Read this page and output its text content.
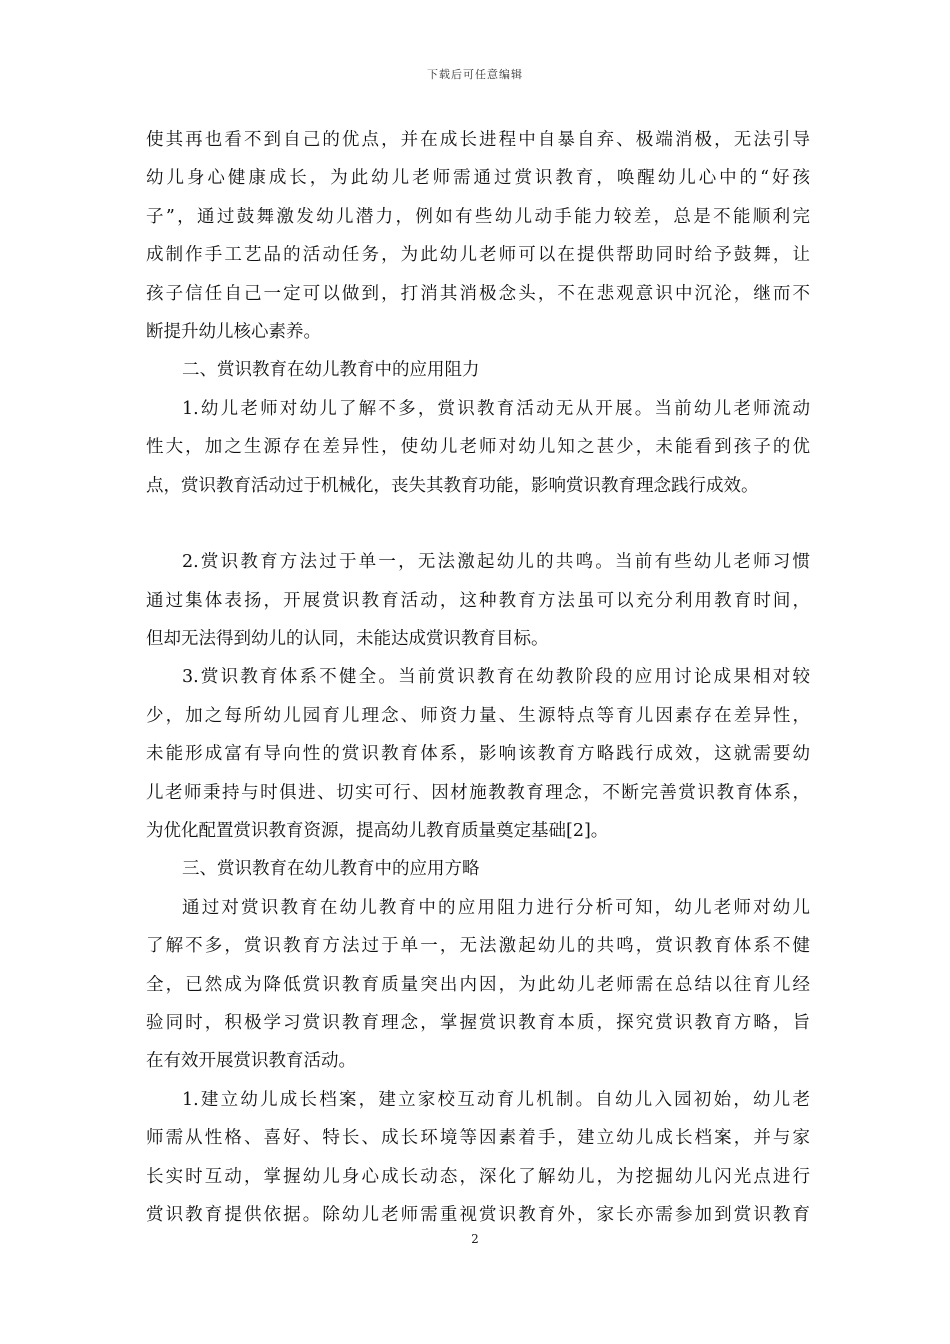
下载后可任意编辑
使其再也看不到自己的优点，并在成长进程中自暴自弃、极端消极，无法引导
幼儿身心健康成长，为此幼儿老师需通过赏识教育，唤醒幼儿心中的“好孩
子”，通过鼓舞激发幼儿潜力，例如有些幼儿动手能力较差，总是不能顺利完
成制作手工艺品的活动任务，为此幼儿老师可以在提供帮助同时给予鼓舞，让
孩子信任自己一定可以做到，打消其消极念头，不在悲观意识中沉沦，继而不
断提升幼儿核心素养。
二、赏识教育在幼儿教育中的应用阻力
1.幼儿老师对幼儿了解不多，赏识教育活动无从开展。当前幼儿老师流动
性大，加之生源存在差异性，使幼儿老师对幼儿知之甚少，未能看到孩子的优
点，赏识教育活动过于机械化，丧失其教育功能，影响赏识教育理念践行成效。
2.赏识教育方法过于单一，无法激起幼儿的共鸣。当前有些幼儿老师习惯
通过集体表扬，开展赏识教育活动，这种教育方法虽可以充分利用教育时间，
但却无法得到幼儿的认同，未能达成赏识教育目标。
3.赏识教育体系不健全。当前赏识教育在幼教阶段的应用讨论成果相对较
少，加之每所幼儿园育儿理念、师资力量、生源特点等育儿因素存在差异性，
未能形成富有导向性的赏识教育体系，影响该教育方略践行成效，这就需要幼
儿老师秉持与时俱进、切实可行、因材施教教育理念，不断完善赏识教育体系，
为优化配置赏识教育资源，提高幼儿教育质量奠定基础[2]。
三、赏识教育在幼儿教育中的应用方略
通过对赏识教育在幼儿教育中的应用阻力进行分析可知，幼儿老师对幼儿
了解不多，赏识教育方法过于单一，无法激起幼儿的共鸣，赏识教育体系不健
全，已然成为降低赏识教育质量突出内因，为此幼儿老师需在总结以往育儿经
验同时，积极学习赏识教育理念，掌握赏识教育本质，探究赏识教育方略，旨
在有效开展赏识教育活动。
1.建立幼儿成长档案，建立家校互动育儿机制。自幼儿入园初始，幼儿老
师需从性格、喜好、特长、成长环境等因素着手，建立幼儿成长档案，并与家
长实时互动，掌握幼儿身心成长动态，深化了解幼儿，为挖掘幼儿闪光点进行
赏识教育提供依据。除幼儿老师需重视赏识教育外，家长亦需参加到赏识教育
2
